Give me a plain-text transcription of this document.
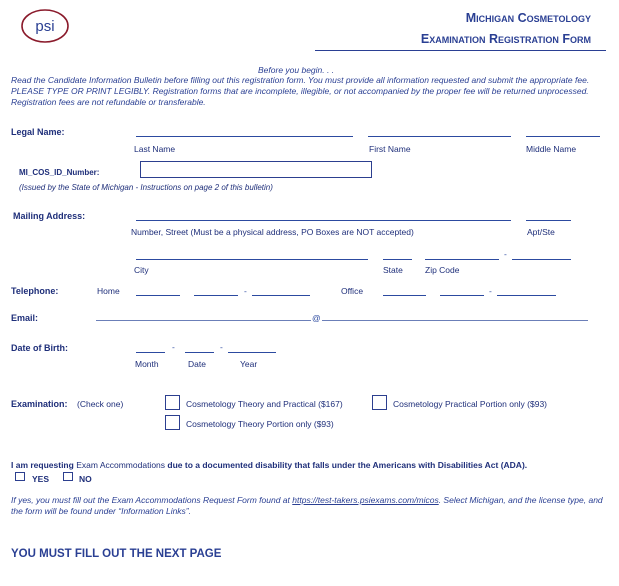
psi	Michigan Cosmetology
Examination Registration Form
Before you begin. . .
Read the Candidate Information Bulletin before filling out this registration form. You must provide all information requested and submit the appropriate fee. PLEASE TYPE OR PRINT LEGIBLY. Registration forms that are incomplete, illegible, or not accompanied by the proper fee will be returned unprocessed. Registration fees are not refundable or transferable.
Legal Name:
Last Name	First Name	Middle Name
MI_COS_ID_Number:
(Issued by the State of Michigan - Instructions on page 2 of this bulletin)
Mailing Address:
Number, Street (Must be a physical address, PO Boxes are NOT accepted)	Apt/Ste
-
City	State	Zip Code
Telephone:	Home	-	Office	-
Email:	@
Date of Birth:	-	-
Month	Date	Year
Examination: (Check one)	Cosmetology Theory and Practical ($167)	Cosmetology Practical Portion only ($93)
Cosmetology Theory Portion only ($93)
I am requesting Exam Accommodations due to a documented disability that falls under the Americans with Disabilities Act (ADA).
YES	NO
If yes, you must fill out the Exam Accommodations Request Form found at https://test-takers.psiexams.com/micos. Select Michigan, and the license type, and the form will be found under “Information Links”.
YOU MUST FILL OUT THE NEXT PAGE
